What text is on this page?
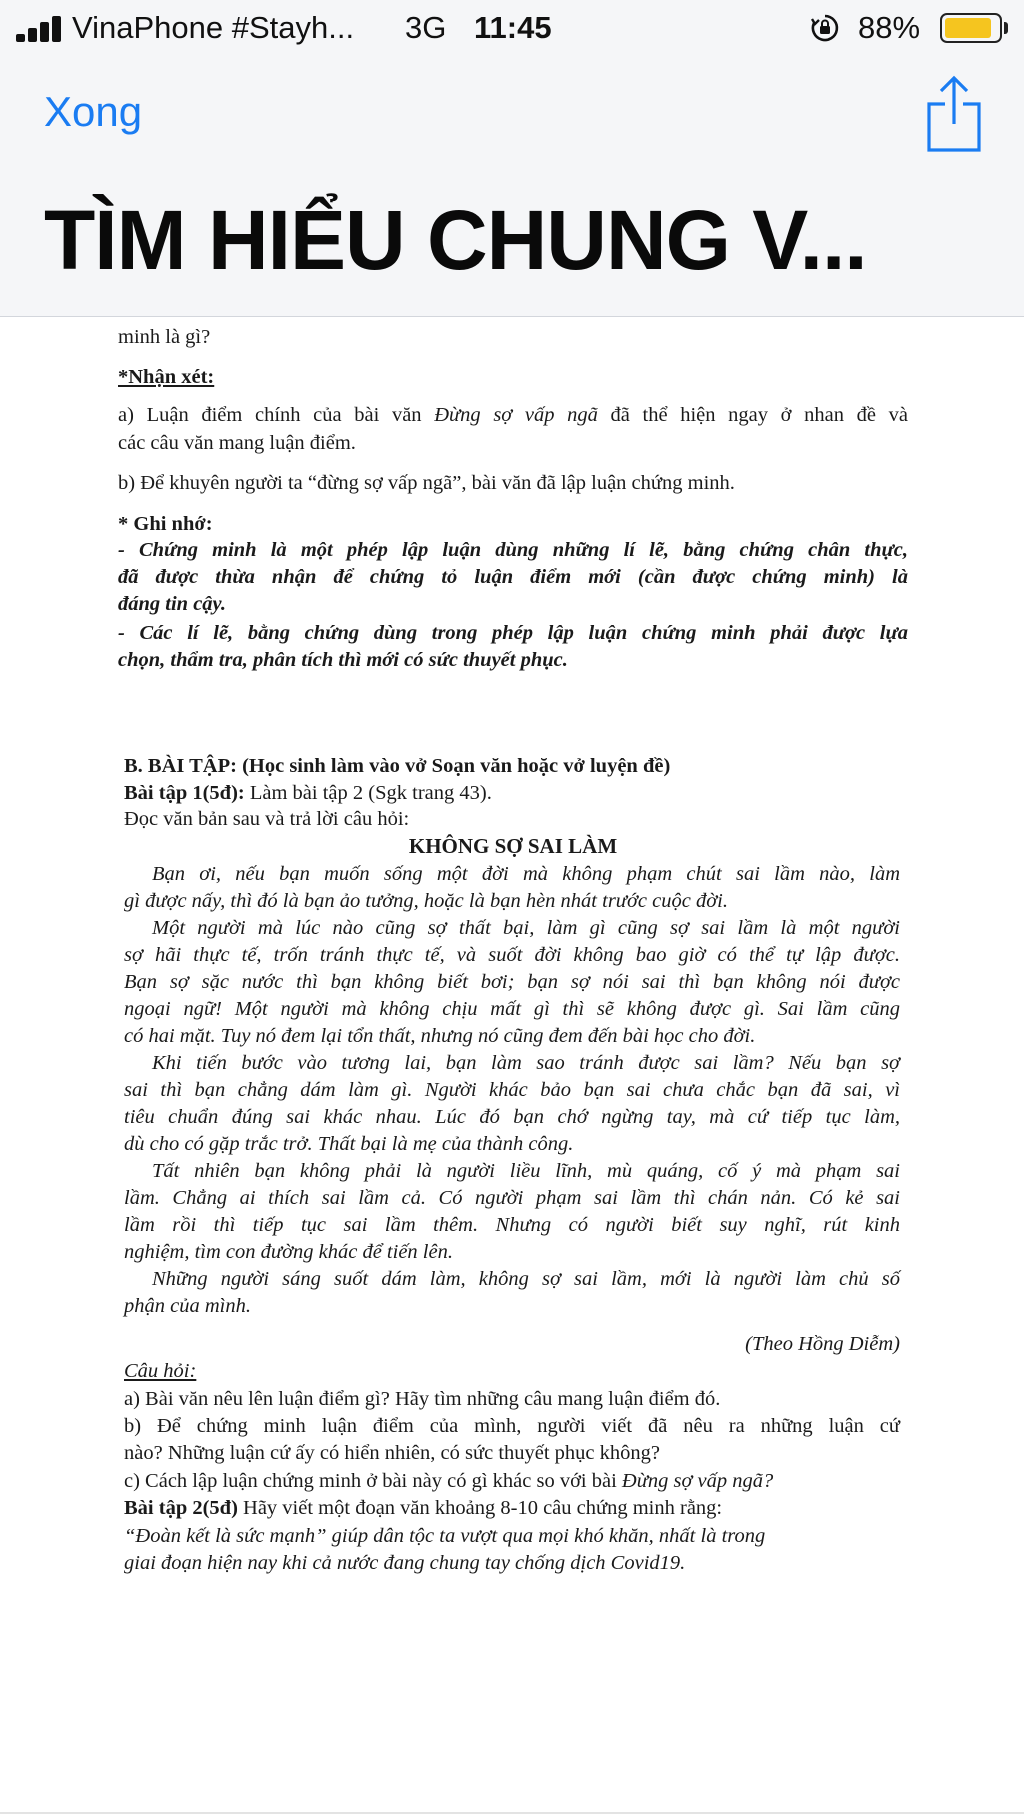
minh là gì?
*Nhận xét:
a) Luận điểm chính của bài văn Đừng sợ vấp ngã đã thể hiện ngay ở nhan đề và
các câu văn mang luận điểm.
b) Để khuyên người ta “đừng sợ vấp ngã”, bài văn đã lập luận chứng minh.
* Ghi nhớ:
- Chứng minh là một phép lập luận dùng những lí lẽ, bằng chứng chân thực,
đã được thừa nhận để chứng tỏ luận điểm mới (cần được chứng minh) là
đáng tin cậy.
- Các lí lẽ, bằng chứng dùng trong phép lập luận chứng minh phải được lựa
chọn, thẩm tra, phân tích thì mới có sức thuyết phục.
B. BÀI TẬP: (Học sinh làm vào vở Soạn văn hoặc vở luyện đề)
Bài tập 1(5đ): Làm bài tập 2 (Sgk trang 43).
Đọc văn bản sau và trả lời câu hỏi:
KHÔNG SỢ SAI LÀM
Bạn ơi, nếu bạn muốn sống một đời mà không phạm chút sai lầm nào, làm
gì được nấy, thì đó là bạn ảo tưởng, hoặc là bạn hèn nhát trước cuộc đời.
Một người mà lúc nào cũng sợ thất bại, làm gì cũng sợ sai lầm là một người
sợ hãi thực tế, trốn tránh thực tế, và suốt đời không bao giờ có thể tự lập được.
Bạn sợ sặc nước thì bạn không biết bơi; bạn sợ nói sai thì bạn không nói được
ngoại ngữ! Một người mà không chịu mất gì thì sẽ không được gì. Sai lầm cũng
có hai mặt. Tuy nó đem lại tổn thất, nhưng nó cũng đem đến bài học cho đời.
Khi tiến bước vào tương lai, bạn làm sao tránh được sai lầm? Nếu bạn sợ
sai thì bạn chẳng dám làm gì. Người khác bảo bạn sai chưa chắc bạn đã sai, vì
tiêu chuẩn đúng sai khác nhau. Lúc đó bạn chớ ngừng tay, mà cứ tiếp tục làm,
dù cho có gặp trắc trở. Thất bại là mẹ của thành công.
Tất nhiên bạn không phải là người liều lĩnh, mù quáng, cố ý mà phạm sai
lầm. Chẳng ai thích sai lầm cả. Có người phạm sai lầm thì chán nản. Có kẻ sai
lầm rồi thì tiếp tục sai lầm thêm. Nhưng có người biết suy nghĩ, rút kinh
nghiệm, tìm con đường khác để tiến lên.
Những người sáng suốt dám làm, không sợ sai lầm, mới là người làm chủ số
phận của mình.
(Theo Hồng Diễm)
Câu hỏi:
a) Bài văn nêu lên luận điểm gì? Hãy tìm những câu mang luận điểm đó.
b) Để chứng minh luận điểm của mình, người viết đã nêu ra những luận cứ
nào? Những luận cứ ấy có hiển nhiên, có sức thuyết phục không?
c) Cách lập luận chứng minh ở bài này có gì khác so với bài Đừng sợ vấp ngã?
Bài tập 2(5đ) Hãy viết một đoạn văn khoảng 8-10 câu chứng minh rằng:
“Đoàn kết là sức mạnh” giúp dân tộc ta vượt qua mọi khó khăn, nhất là trong
giai đoạn hiện nay khi cả nước đang chung tay chống dịch Covid19.
VinaPhone #Stayh... 3G 11:45	88%
Xong
TÌM HIỂU CHUNG V...
